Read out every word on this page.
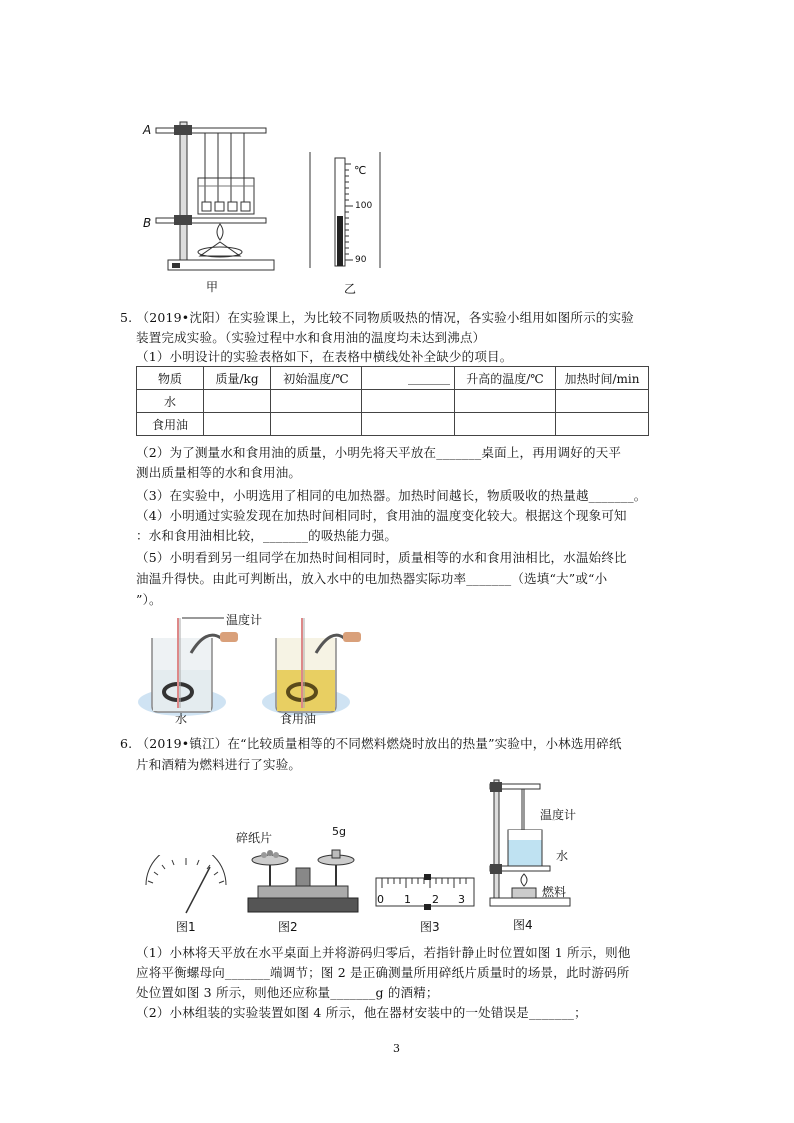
A
B
甲	乙
℃
100
90
5. （2019•沈阳）在实验课上，为比较不同物质吸热的情况，各实验小组用如图所示的实验
装置完成实验。（实验过程中水和食用油的温度均未达到沸点）
（1）小明设计的实验表格如下，在表格中横线处补全缺少的项目。
物质	质量/kg	初始温度/℃	_______	升高的温度/℃	加热时间/min
水					
食用油					
（2）为了测量水和食用油的质量，小明先将天平放在_______桌面上，再用调好的天平
测出质量相等的水和食用油。
（3）在实验中，小明选用了相同的电加热器。加热时间越长，物质吸收的热量越_______。
（4）小明通过实验发现在加热时间相同时，食用油的温度变化较大。根据这个现象可知
：水和食用油相比较，_______的吸热能力强。
（5）小明看到另一组同学在加热时间相同时，质量相等的水和食用油相比，水温始终比
油温升得快。由此可判断出，放入水中的电加热器实际功率_______（选填“大”或“小
”）。
温度计
水	食用油
6. （2019•镇江）在“比较质量相等的不同燃料燃烧时放出的热量”实验中，小林选用碎纸
片和酒精为燃料进行了实验。
碎纸片	5g
温度计
水
燃料
0 1 2 3
图1	图2	图3	图4
（1）小林将天平放在水平桌面上并将游码归零后，若指针静止时位置如图 1 所示，则他
应将平衡螺母向_______端调节；图 2 是正确测量所用碎纸片质量时的场景，此时游码所
处位置如图 3 所示，则他还应称量_______g 的酒精；
（2）小林组装的实验装置如图 4 所示，他在器材安装中的一处错误是_______；
3
